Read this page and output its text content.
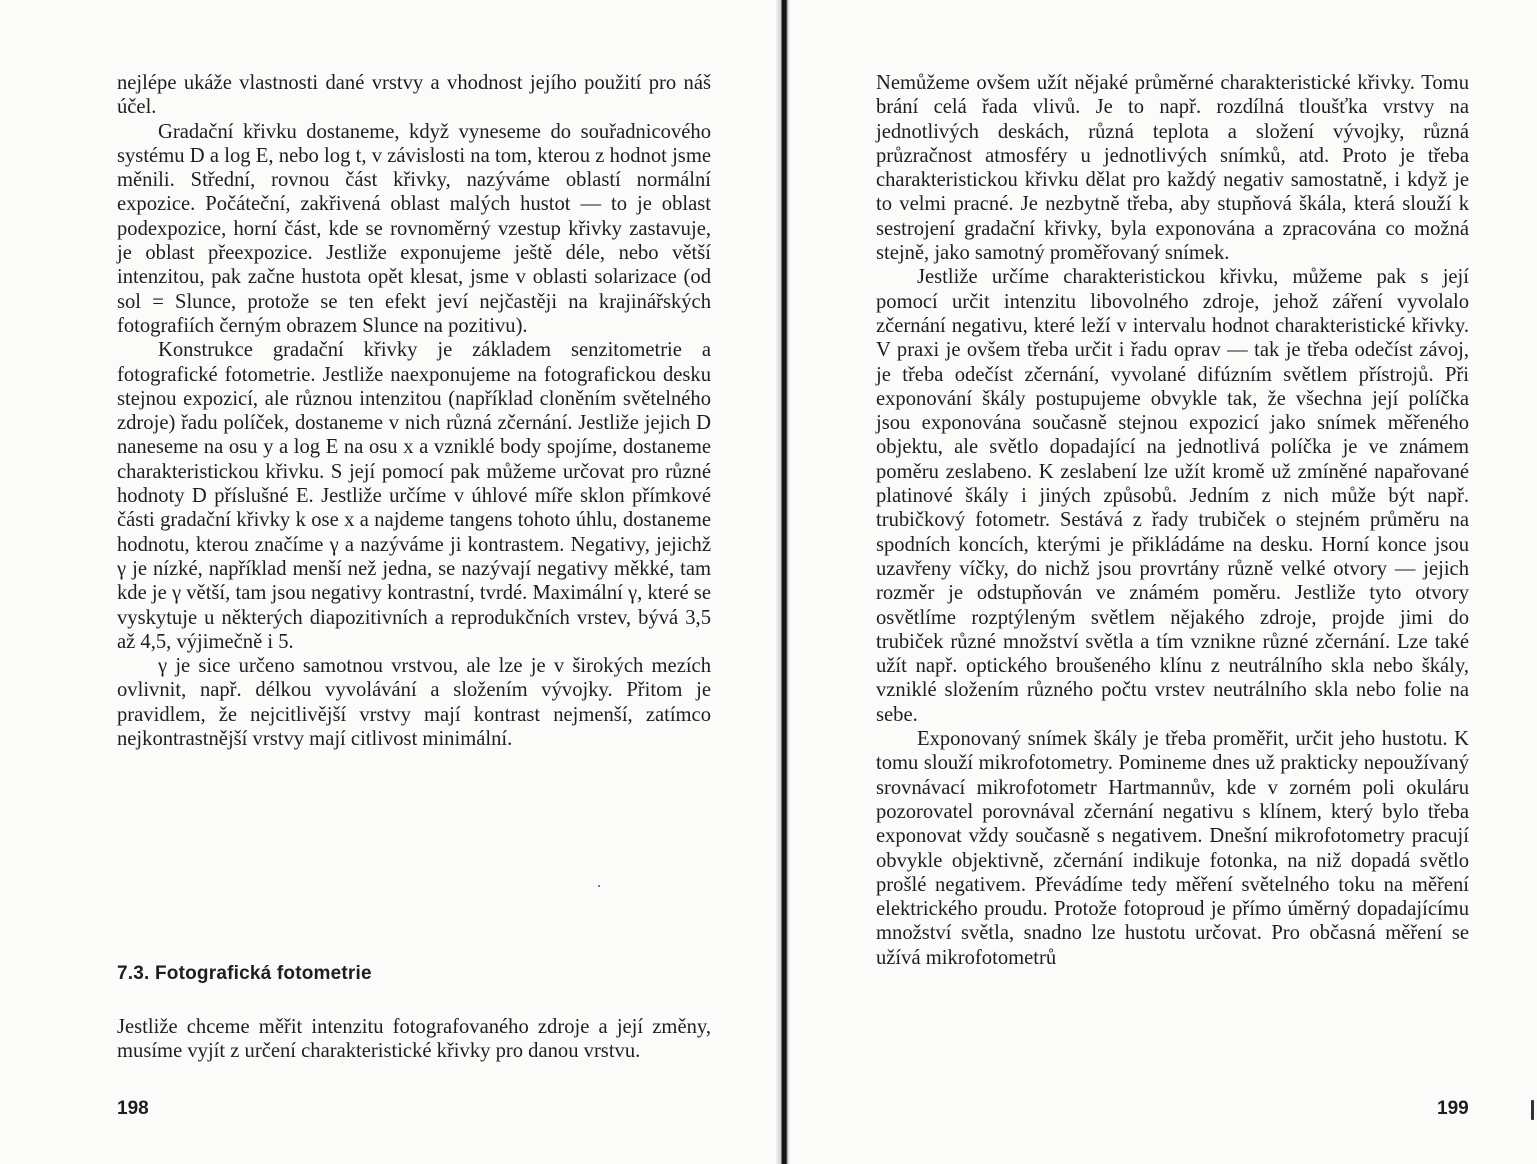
nejlépe ukáže vlastnosti dané vrstvy a vhodnost jejího použití pro náš účel.

Gradační křivku dostaneme, když vyneseme do souřadnicového systému D a log E, nebo log t, v závislosti na tom, kterou z hodnot jsme měnili. Střední, rovnou část křivky, nazýváme oblastí normální expozice. Počáteční, zakřivená oblast malých hustot — to je oblast podexpozice, horní část, kde se rovnoměrný vzestup křivky zastavuje, je oblast přeexpozice. Jestliže exponujeme ještě déle, nebo větší intenzitou, pak začne hustota opět klesat, jsme v oblasti solarizace (od sol = Slunce, protože se ten efekt jeví nejčastěji na krajinářských fotografiích černým obrazem Slunce na pozitivu).

Konstrukce gradační křivky je základem senzitometrie a fotografické fotometrie. Jestliže naexponujeme na fotografickou desku stejnou expozicí, ale různou intenzitou (například cloněním světelného zdroje) řadu políček, dostaneme v nich různá zčernání. Jestliže jejich D naneseme na osu y a log E na osu x a vzniklé body spojíme, dostaneme charakteristickou křivku. S její pomocí pak můžeme určovat pro různé hodnoty D příslušné E. Jestliže určíme v úhlové míře sklon přímkové části gradační křivky k ose x a najdeme tangens tohoto úhlu, dostaneme hodnotu, kterou značíme γ a nazýváme ji kontrastem. Negativy, jejichž γ je nízké, například menší než jedna, se nazývají negativy měkké, tam kde je γ větší, tam jsou negativy kontrastní, tvrdé. Maximální γ, které se vyskytuje u některých diapozitivních a reprodukčních vrstev, bývá 3,5 až 4,5, výjimečně i 5.

γ je sice určeno samotnou vrstvou, ale lze je v širokých mezích ovlivnit, např. délkou vyvolávání a složením vývojky. Přitom je pravidlem, že nejcitlivější vrstvy mají kontrast nejmenší, zatímco nejkontrastnější vrstvy mají citlivost minimální.

7.3. Fotografická fotometrie

Jestliže chceme měřit intenzitu fotografovaného zdroje a její změny, musíme vyjít z určení charakteristické křivky pro danou vrstvu.

198

Nemůžeme ovšem užít nějaké průměrné charakteristické křivky. Tomu brání celá řada vlivů. Je to např. rozdílná tloušťka vrstvy na jednotlivých deskách, různá teplota a složení vývojky, různá průzračnost atmosféry u jednotlivých snímků, atd. Proto je třeba charakteristickou křivku dělat pro každý negativ samostatně, i když je to velmi pracné. Je nezbytně třeba, aby stupňová škála, která slouží k sestrojení gradační křivky, byla exponována a zpracována co možná stejně, jako samotný proměřovaný snímek.

Jestliže určíme charakteristickou křivku, můžeme pak s její pomocí určit intenzitu libovolného zdroje, jehož záření vyvolalo zčernání negativu, které leží v intervalu hodnot charakteristické křivky. V praxi je ovšem třeba určit i řadu oprav — tak je třeba odečíst závoj, je třeba odečíst zčernání, vyvolané difúzním světlem přístrojů. Při exponování škály postupujeme obvykle tak, že všechna její políčka jsou exponována současně stejnou expozicí jako snímek měřeného objektu, ale světlo dopadající na jednotlivá políčka je ve známem poměru zeslabeno. K zeslabení lze užít kromě už zmíněné napařované platinové škály i jiných způsobů. Jedním z nich může být např. trubičkový fotometr. Sestává z řady trubiček o stejném průměru na spodních koncích, kterými je přikládáme na desku. Horní konce jsou uzavřeny víčky, do nichž jsou provrtány různě velké otvory — jejich rozměr je odstupňován ve známém poměru. Jestliže tyto otvory osvětlíme rozptýleným světlem nějakého zdroje, projde jimi do trubiček různé množství světla a tím vznikne různé zčernání. Lze také užít např. optického broušeného klínu z neutrálního skla nebo škály, vzniklé složením různého počtu vrstev neutrálního skla nebo folie na sebe.

Exponovaný snímek škály je třeba proměřit, určit jeho hustotu. K tomu slouží mikrofotometry. Pomineme dnes už prakticky nepoužívaný srovnávací mikrofotometr Hartmannův, kde v zorném poli okuláru pozorovatel porovnával zčernání negativu s klínem, který bylo třeba exponovat vždy současně s negativem. Dnešní mikrofotometry pracují obvykle objektivně, zčernání indikuje fotonka, na niž dopadá světlo prošlé negativem. Převádíme tedy měření světelného toku na měření elektrického proudu. Protože fotoproud je přímo úměrný dopadajícímu množství světla, snadno lze hustotu určovat. Pro občasná měření se užívá mikrofotometrů

199
